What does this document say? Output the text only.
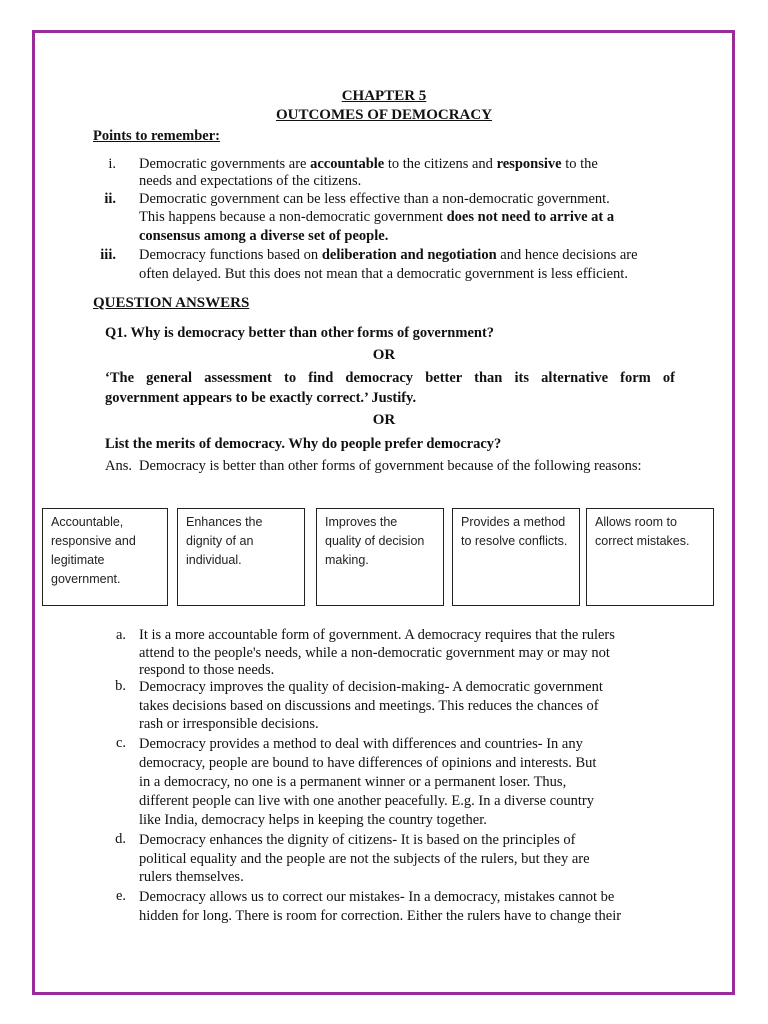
CHAPTER 5
OUTCOMES OF DEMOCRACY
Points to remember:
i. Democratic governments are accountable to the citizens and responsive to the
needs and expectations of the citizens.
ii. Democratic government can be less effective than a non-democratic government.
This happens because a non-democratic government does not need to arrive at a
consensus among a diverse set of people.
iii. Democracy functions based on deliberation and negotiation and hence decisions are
often delayed. But this does not mean that a democratic government is less efficient.
QUESTION ANSWERS
Q1. Why is democracy better than other forms of government?
OR
‘The general assessment to find democracy better than its alternative form of
government appears to be exactly correct.’ Justify.
OR
List the merits of democracy. Why do people prefer democracy?
Ans. Democracy is better than other forms of government because of the following reasons:
Accountable, responsive and legitimate government.
Enhances the dignity of an individual.
Improves the quality of decision making.
Provides a method to resolve conflicts.
Allows room to correct mistakes.
a. It is a more accountable form of government. A democracy requires that the rulers
attend to the people's needs, while a non-democratic government may or may not
respond to those needs.
b. Democracy improves the quality of decision-making- A democratic government
takes decisions based on discussions and meetings. This reduces the chances of
rash or irresponsible decisions.
c. Democracy provides a method to deal with differences and countries- In any
democracy, people are bound to have differences of opinions and interests. But
in a democracy, no one is a permanent winner or a permanent loser. Thus,
different people can live with one another peacefully. E.g. In a diverse country
like India, democracy helps in keeping the country together.
d. Democracy enhances the dignity of citizens- It is based on the principles of
political equality and the people are not the subjects of the rulers, but they are
rulers themselves.
e. Democracy allows us to correct our mistakes- In a democracy, mistakes cannot be
hidden for long. There is room for correction. Either the rulers have to change their
